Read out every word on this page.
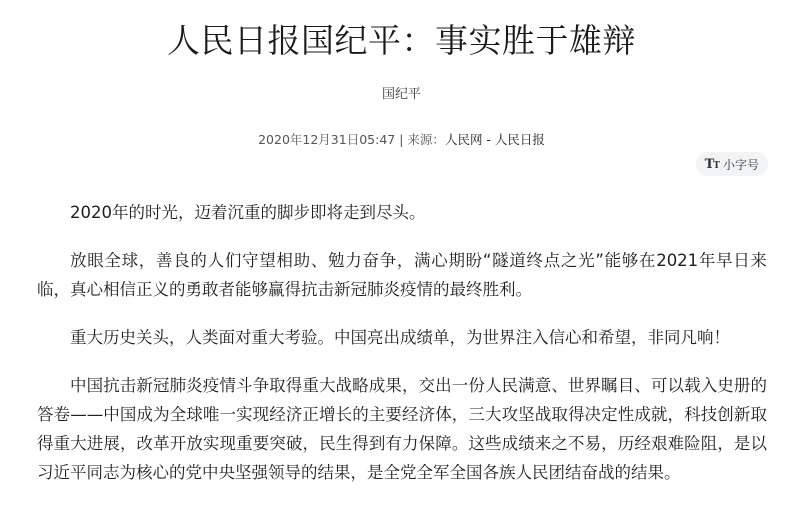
人民日报国纪平：事实胜于雄辩
国纪平
2020年12月31日05:47 | 来源：人民网 - 人民日报
TT 小字号

2020年的时光，迈着沉重的脚步即将走到尽头。

放眼全球，善良的人们守望相助、勉力奋争，满心期盼“隧道终点之光”能够在2021年早日来临，真心相信正义的勇敢者能够赢得抗击新冠肺炎疫情的最终胜利。

重大历史关头，人类面对重大考验。中国亮出成绩单，为世界注入信心和希望，非同凡响！

中国抗击新冠肺炎疫情斗争取得重大战略成果，交出一份人民满意、世界瞩目、可以载入史册的答卷——中国成为全球唯一实现经济正增长的主要经济体，三大攻坚战取得决定性成就，科技创新取得重大进展，改革开放实现重要突破，民生得到有力保障。这些成绩来之不易，历经艰难险阻，是以习近平同志为核心的党中央坚强领导的结果，是全党全军全国各族人民团结奋战的结果。
